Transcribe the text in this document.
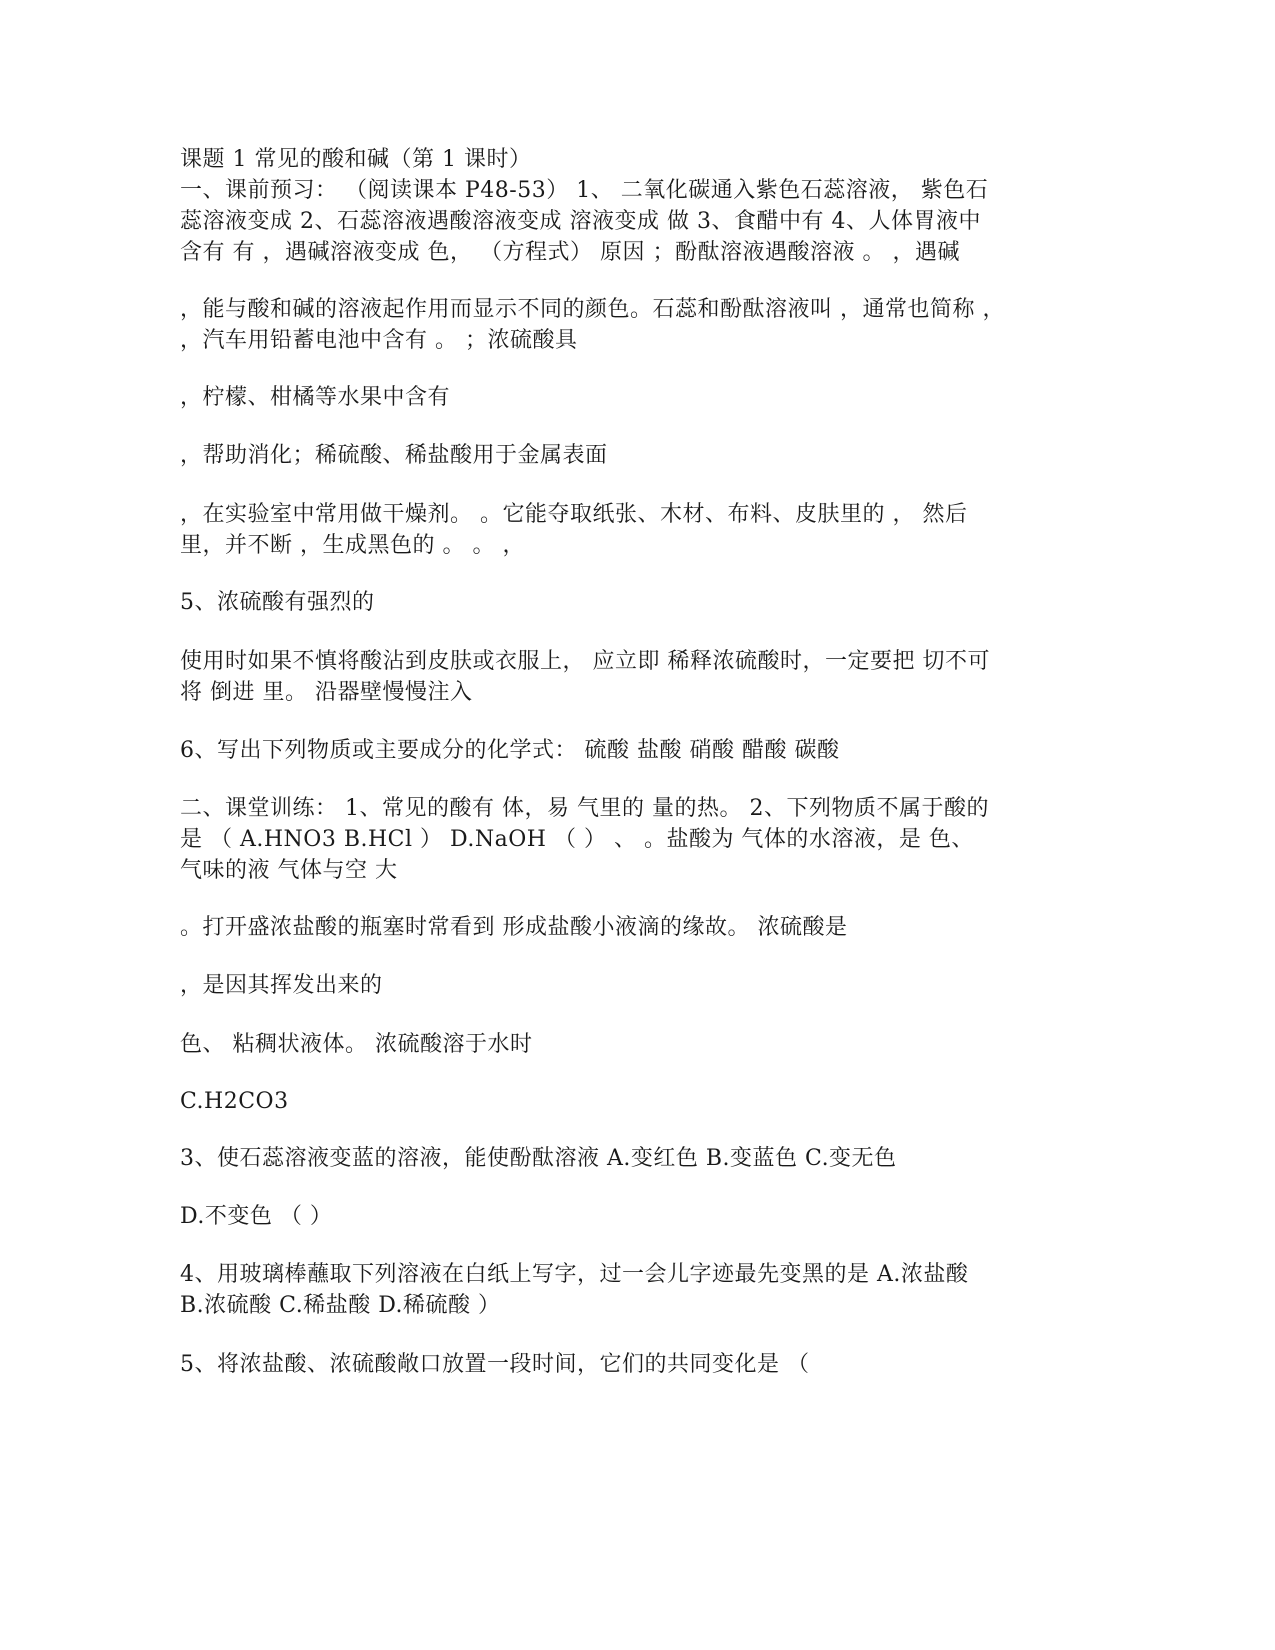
课题 1 常见的酸和碱（第 1 课时）
一、课前预习： （阅读课本 P48-53） 1、 二氧化碳通入紫色石蕊溶液， 紫色石
蕊溶液变成 2、石蕊溶液遇酸溶液变成 溶液变成 做 3、食醋中有 4、人体胃液中
含有 有 ，遇碱溶液变成 色， （方程式） 原因 ；酚酞溶液遇酸溶液 。 ，遇碱
，能与酸和碱的溶液起作用而显示不同的颜色。石蕊和酚酞溶液叫 ，通常也简称 ，
，汽车用铅蓄电池中含有 。 ；浓硫酸具
，柠檬、柑橘等水果中含有
，帮助消化；稀硫酸、稀盐酸用于金属表面
，在实验室中常用做干燥剂。 。它能夺取纸张、木材、布料、皮肤里的 ， 然后
里，并不断 ，生成黑色的 。 。 ，
5、浓硫酸有强烈的
使用时如果不慎将酸沾到皮肤或衣服上， 应立即 稀释浓硫酸时，一定要把 切不可
将 倒进 里。 沿器壁慢慢注入
6、写出下列物质或主要成分的化学式： 硫酸 盐酸 硝酸 醋酸 碳酸
二、课堂训练： 1、常见的酸有 体，易 气里的 量的热。 2、下列物质不属于酸的
是 （ A.HNO3 B.HCl ） D.NaOH （ ） 、 。盐酸为 气体的水溶液，是 色、
气味的液 气体与空 大
。打开盛浓盐酸的瓶塞时常看到 形成盐酸小液滴的缘故。 浓硫酸是
，是因其挥发出来的
色、 粘稠状液体。 浓硫酸溶于水时
C.H2CO3
3、使石蕊溶液变蓝的溶液，能使酚酞溶液 A.变红色 B.变蓝色 C.变无色
D.不变色 （ ）
4、用玻璃棒蘸取下列溶液在白纸上写字，过一会儿字迹最先变黑的是 A.浓盐酸
B.浓硫酸 C.稀盐酸 D.稀硫酸 ）
5、将浓盐酸、浓硫酸敞口放置一段时间，它们的共同变化是 （
